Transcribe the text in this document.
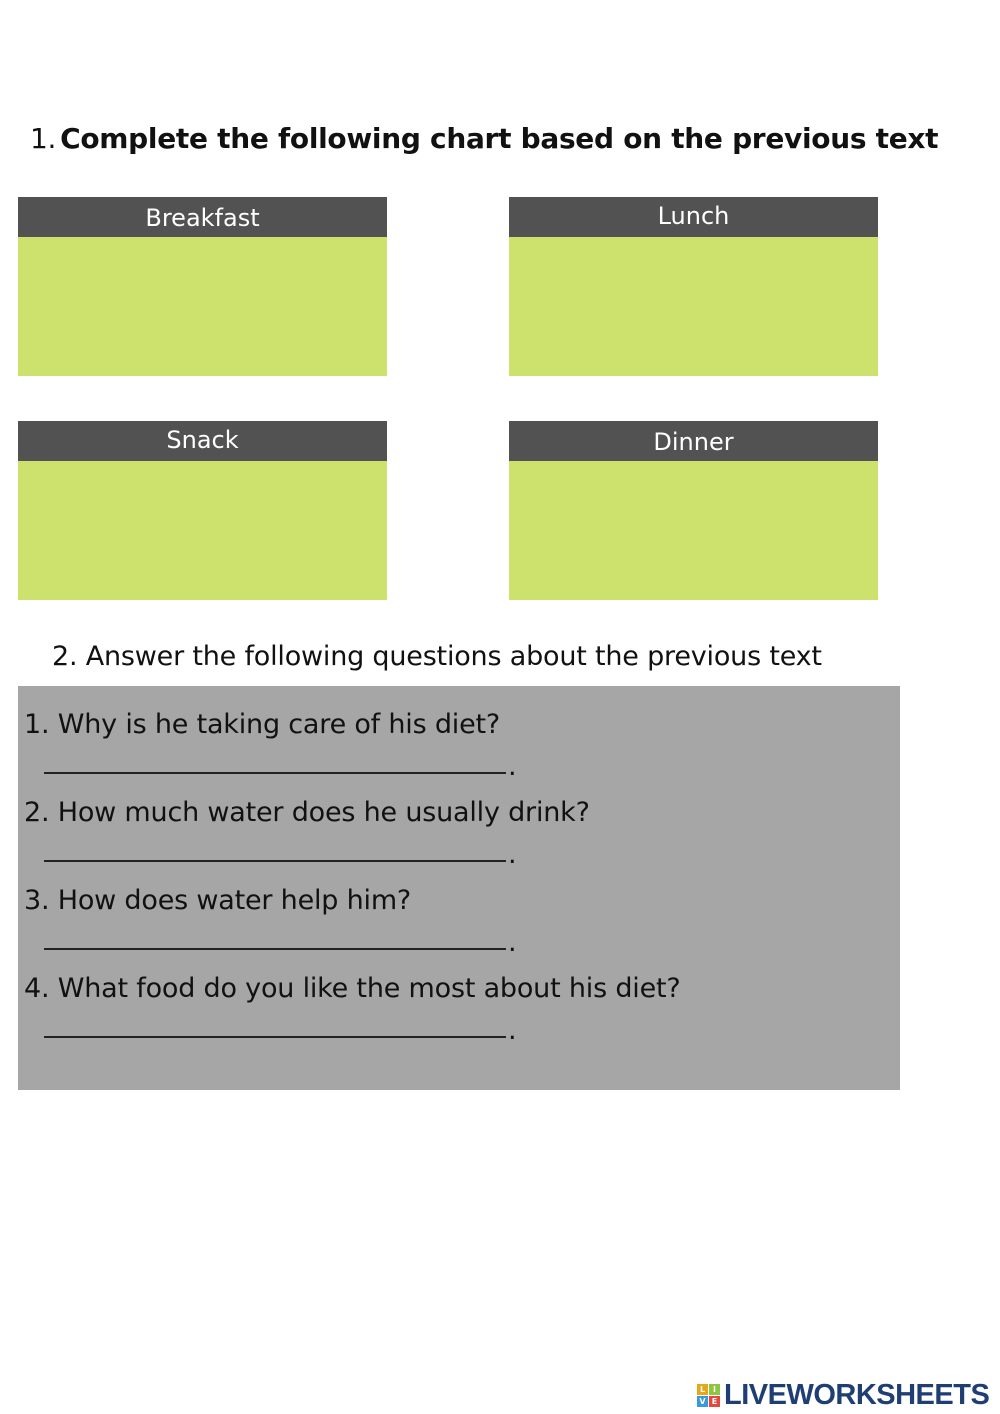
1. Complete the following chart based on the previous text
Breakfast	Lunch
Snack	Dinner
2. Answer the following questions about the previous text

1. Why is he taking care of his diet?

.

2. How much water does he usually drink?

.

3. How does water help him?

.

4. What food do you like the most about his diet?

.
L I
V E LIVEWORKSHEETS
